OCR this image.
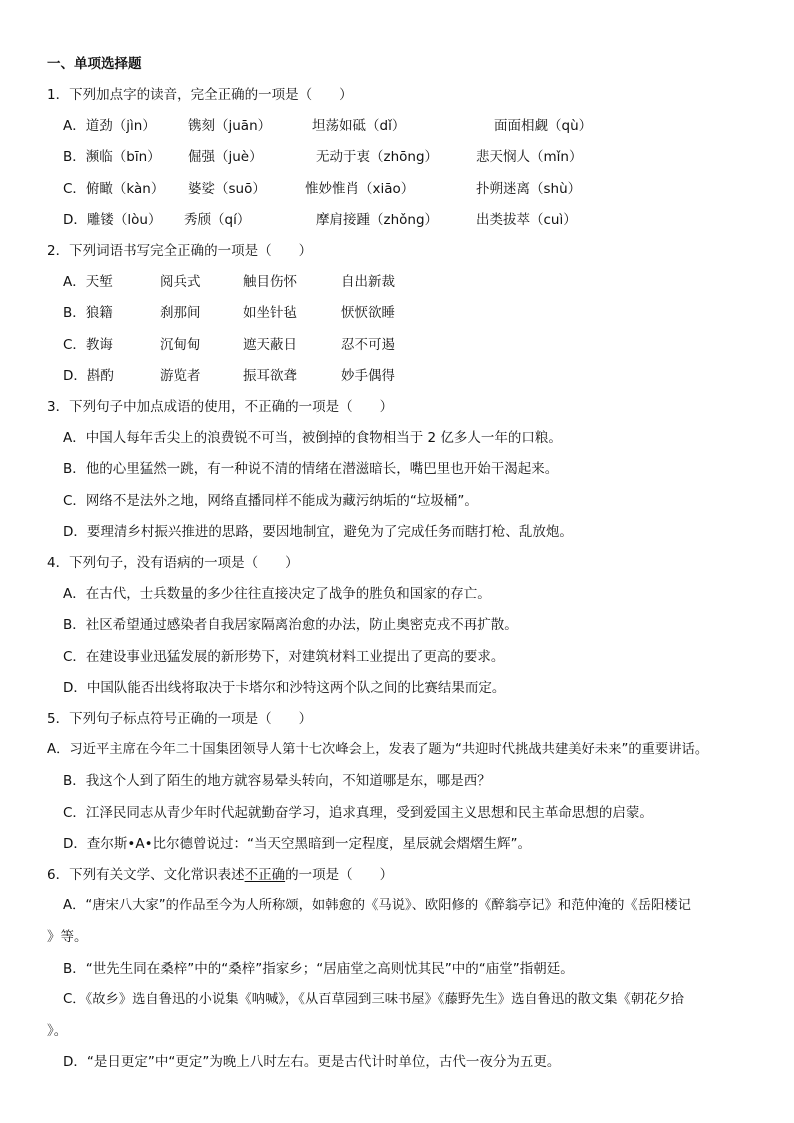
一、单项选择题
1．下列加点字的读音，完全正确的一项是（　　）
A．道劲（jìn） 镌刻（juān）	坦荡如砥（dǐ）	面面相觑（qù）
B．濒临（bīn） 倔强（juè）	无动于衷（zhōng）	悲天悯人（mǐn）
C．俯瞰（kàn） 婆娑（suō）	惟妙惟肖（xiāo）	扑朔迷离（shù）
D．雕镂（lòu） 秀颀（qí）	摩肩接踵（zhǒng）	出类拔萃（cuì）
2．下列词语书写完全正确的一项是（　　）
A．天堑	阅兵式	触目伤怀	自出新裁
B．狼籍	刹那间	如坐针毡	恹恹欲睡
C．教诲	沉甸甸	遮天蔽日	忍不可遏
D．斟酌	游览者	振耳欲聋	妙手偶得
3．下列句子中加点成语的使用，不正确的一项是（　　）
A．中国人每年舌尖上的浪费锐不可当，被倒掉的食物相当于 2 亿多人一年的口粮。
B．他的心里猛然一跳，有一种说不清的情绪在潜滋暗长，嘴巴里也开始干渴起来。
C．网络不是法外之地，网络直播同样不能成为藏污纳垢的“垃圾桶”。
D．要理清乡村振兴推进的思路，要因地制宜，避免为了完成任务而瞎打枪、乱放炮。
4．下列句子，没有语病的一项是（　　）
A．在古代，士兵数量的多少往往直接决定了战争的胜负和国家的存亡。
B．社区希望通过感染者自我居家隔离治愈的办法，防止奥密克戎不再扩散。
C．在建设事业迅猛发展的新形势下，对建筑材料工业提出了更高的要求。
D．中国队能否出线将取决于卡塔尔和沙特这两个队之间的比赛结果而定。
5．下列句子标点符号正确的一项是（　　）
A．习近平主席在今年二十国集团领导人第十七次峰会上，发表了题为“共迎时代挑战共建美好未来”的重要讲话。
B．我这个人到了陌生的地方就容易晕头转向，不知道哪是东，哪是西？
C．江泽民同志从青少年时代起就勤奋学习，追求真理，受到爱国主义思想和民主革命思想的启蒙。
D．查尔斯•A•比尔德曾说过：“当天空黑暗到一定程度，星辰就会熠熠生辉”。
6．下列有关文学、文化常识表述不正确的一项是（　　）
A．“唐宋八大家”的作品至今为人所称颂，如韩愈的《马说》、欧阳修的《醉翁亭记》和范仲淹的《岳阳楼记
》等。
B．“世先生同在桑梓”中的“桑梓”指家乡；“居庙堂之高则忧其民”中的“庙堂”指朝廷。
C．《故乡》选自鲁迅的小说集《呐喊》，《从百草园到三味书屋》《藤野先生》选自鲁迅的散文集《朝花夕拾
》。
D．“是日更定”中“更定”为晚上八时左右。更是古代计时单位，古代一夜分为五更。
